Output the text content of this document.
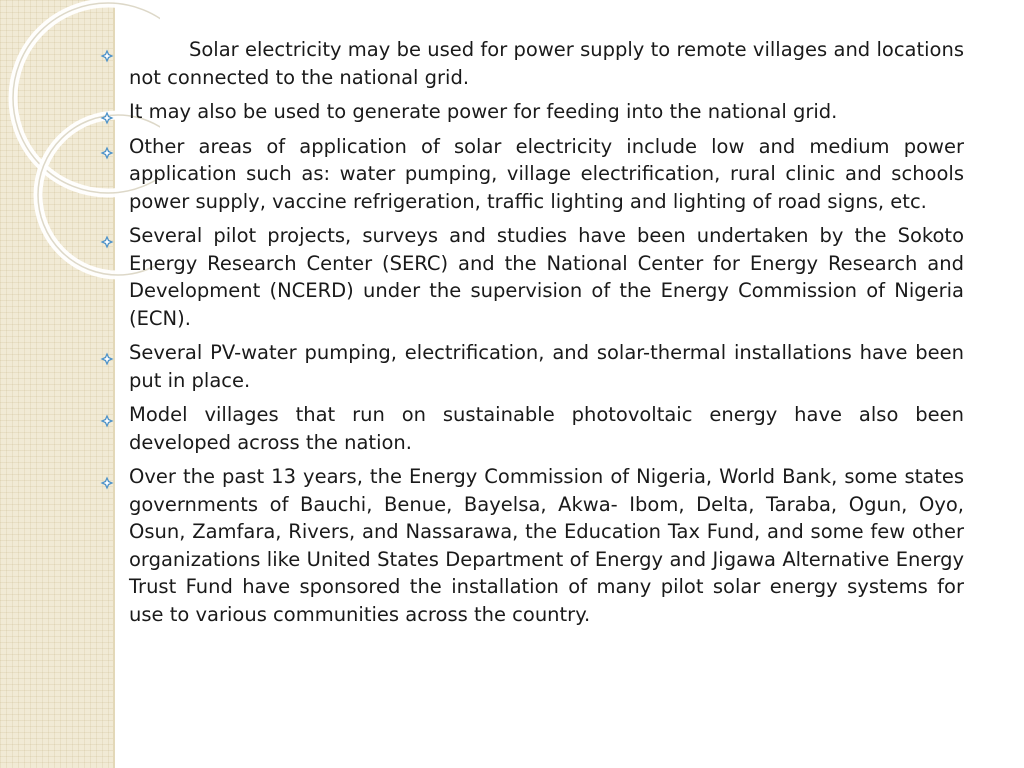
Solar electricity may be used for power supply to remote villages and locations not connected to the national grid.
It may also be used to generate power for feeding into the national grid.
Other areas of application of solar electricity include low and medium power application such as: water pumping, village electrification, rural clinic and schools power supply, vaccine refrigeration, traffic lighting and lighting of road signs, etc.
Several pilot projects, surveys and studies have been undertaken by the Sokoto Energy Research Center (SERC) and the National Center for Energy Research and Development (NCERD) under the supervision of the Energy Commission of Nigeria (ECN).
Several PV-water pumping, electrification, and solar-thermal installations have been put in place.
Model villages that run on sustainable photovoltaic energy have also been developed across the nation.
Over the past 13 years, the Energy Commission of Nigeria, World Bank, some states governments of Bauchi, Benue, Bayelsa, Akwa- Ibom, Delta, Taraba, Ogun, Oyo, Osun, Zamfara, Rivers, and Nassarawa, the Education Tax Fund, and some few other organizations like United States Department of Energy and Jigawa Alternative Energy Trust Fund have sponsored the installation of many pilot solar energy systems for use to various communities across the country.
